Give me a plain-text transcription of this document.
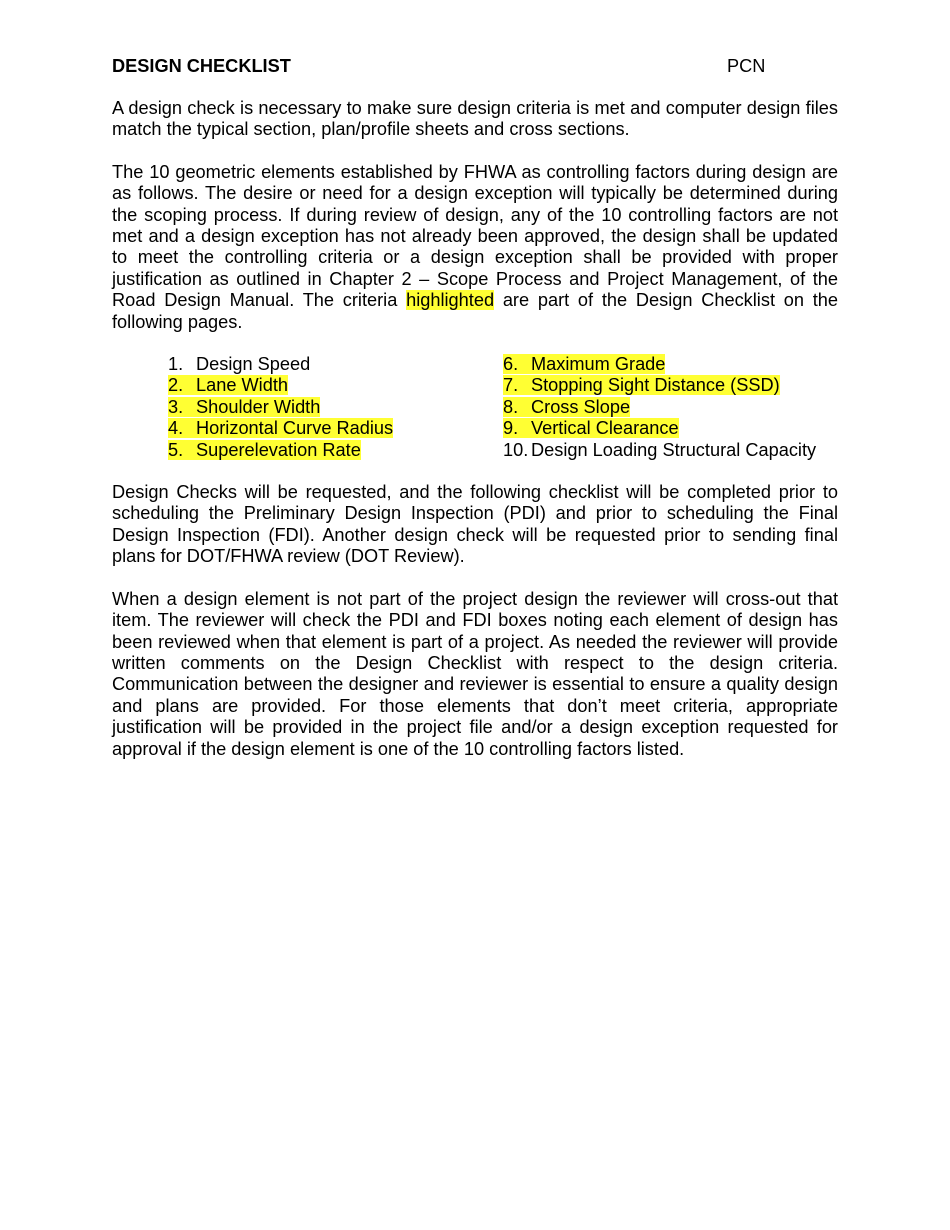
DESIGN CHECKLIST	PCN

A design check is necessary to make sure design criteria is met and computer design files match the typical section, plan/profile sheets and cross sections.

The 10 geometric elements established by FHWA as controlling factors during design are as follows. The desire or need for a design exception will typically be determined during the scoping process. If during review of design, any of the 10 controlling factors are not met and a design exception has not already been approved, the design shall be updated to meet the controlling criteria or a design exception shall be provided with proper justification as outlined in Chapter 2 – Scope Process and Project Management, of the Road Design Manual. The criteria highlighted are part of the Design Checklist on the following pages.

1. Design Speed
2. Lane Width
3. Shoulder Width
4. Horizontal Curve Radius
5. Superelevation Rate
6. Maximum Grade
7. Stopping Sight Distance (SSD)
8. Cross Slope
9. Vertical Clearance
10. Design Loading Structural Capacity

Design Checks will be requested, and the following checklist will be completed prior to scheduling the Preliminary Design Inspection (PDI) and prior to scheduling the Final Design Inspection (FDI). Another design check will be requested prior to sending final plans for DOT/FHWA review (DOT Review).

When a design element is not part of the project design the reviewer will cross-out that item. The reviewer will check the PDI and FDI boxes noting each element of design has been reviewed when that element is part of a project. As needed the reviewer will provide written comments on the Design Checklist with respect to the design criteria. Communication between the designer and reviewer is essential to ensure a quality design and plans are provided. For those elements that don’t meet criteria, appropriate justification will be provided in the project file and/or a design exception requested for approval if the design element is one of the 10 controlling factors listed.
